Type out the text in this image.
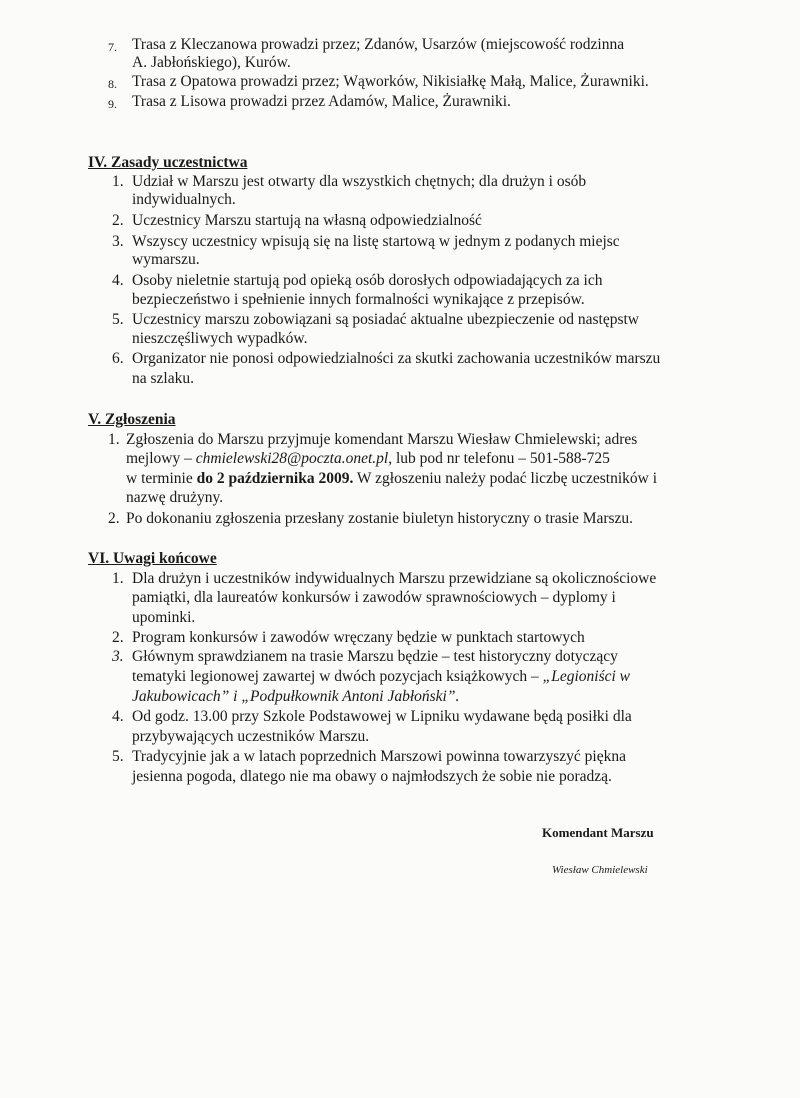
7. Trasa z Kleczanowa prowadzi przez; Zdanów, Usarzów (miejscowość rodzinna
A. Jabłońskiego), Kurów.
8. Trasa z Opatowa prowadzi przez; Wąworków, Nikisiałkę Małą, Malice, Żurawniki.
9. Trasa z Lisowa prowadzi przez Adamów, Malice, Żurawniki.
IV. Zasady uczestnictwa
1. Udział w Marszu jest otwarty dla wszystkich chętnych; dla drużyn i osób
indywidualnych.
2. Uczestnicy Marszu startują na własną odpowiedzialność
3. Wszyscy uczestnicy wpisują się na listę startową w jednym z podanych miejsc
wymarszu.
4. Osoby nieletnie startują pod opieką osób dorosłych odpowiadających za ich
bezpieczeństwo i spełnienie innych formalności wynikające z przepisów.
5. Uczestnicy marszu zobowiązani są posiadać aktualne ubezpieczenie od następstw
nieszczęśliwych wypadków.
6. Organizator nie ponosi odpowiedzialności za skutki zachowania uczestników marszu
na szlaku.
V. Zgłoszenia
1. Zgłoszenia do Marszu przyjmuje komendant Marszu Wiesław Chmielewski; adres
mejlowy – chmielewski28@poczta.onet.pl, lub pod nr telefonu – 501-588-725
w terminie do 2 października 2009. W zgłoszeniu należy podać liczbę uczestników i
nazwę drużyny.
2. Po dokonaniu zgłoszenia przesłany zostanie biuletyn historyczny o trasie Marszu.
VI. Uwagi końcowe
1. Dla drużyn i uczestników indywidualnych Marszu przewidziane są okolicznościowe
pamiątki, dla laureatów konkursów i zawodów sprawnościowych – dyplomy i
upominki.
2. Program konkursów i zawodów wręczany będzie w punktach startowych
3. Głównym sprawdzianem na trasie Marszu będzie – test historyczny dotyczący
tematyki legionowej zawartej w dwóch pozycjach książkowych – „Legioniści w
Jakubowicach” i „Podpułkownik Antoni Jabłoński”.
4. Od godz. 13.00 przy Szkole Podstawowej w Lipniku wydawane będą posiłki dla
przybywających uczestników Marszu.
5. Tradycyjnie jak a w latach poprzednich Marszowi powinna towarzyszyć piękna
jesienna pogoda, dlatego nie ma obawy o najmłodszych że sobie nie poradzą.
Komendant Marszu
Wiesław Chmielewski
